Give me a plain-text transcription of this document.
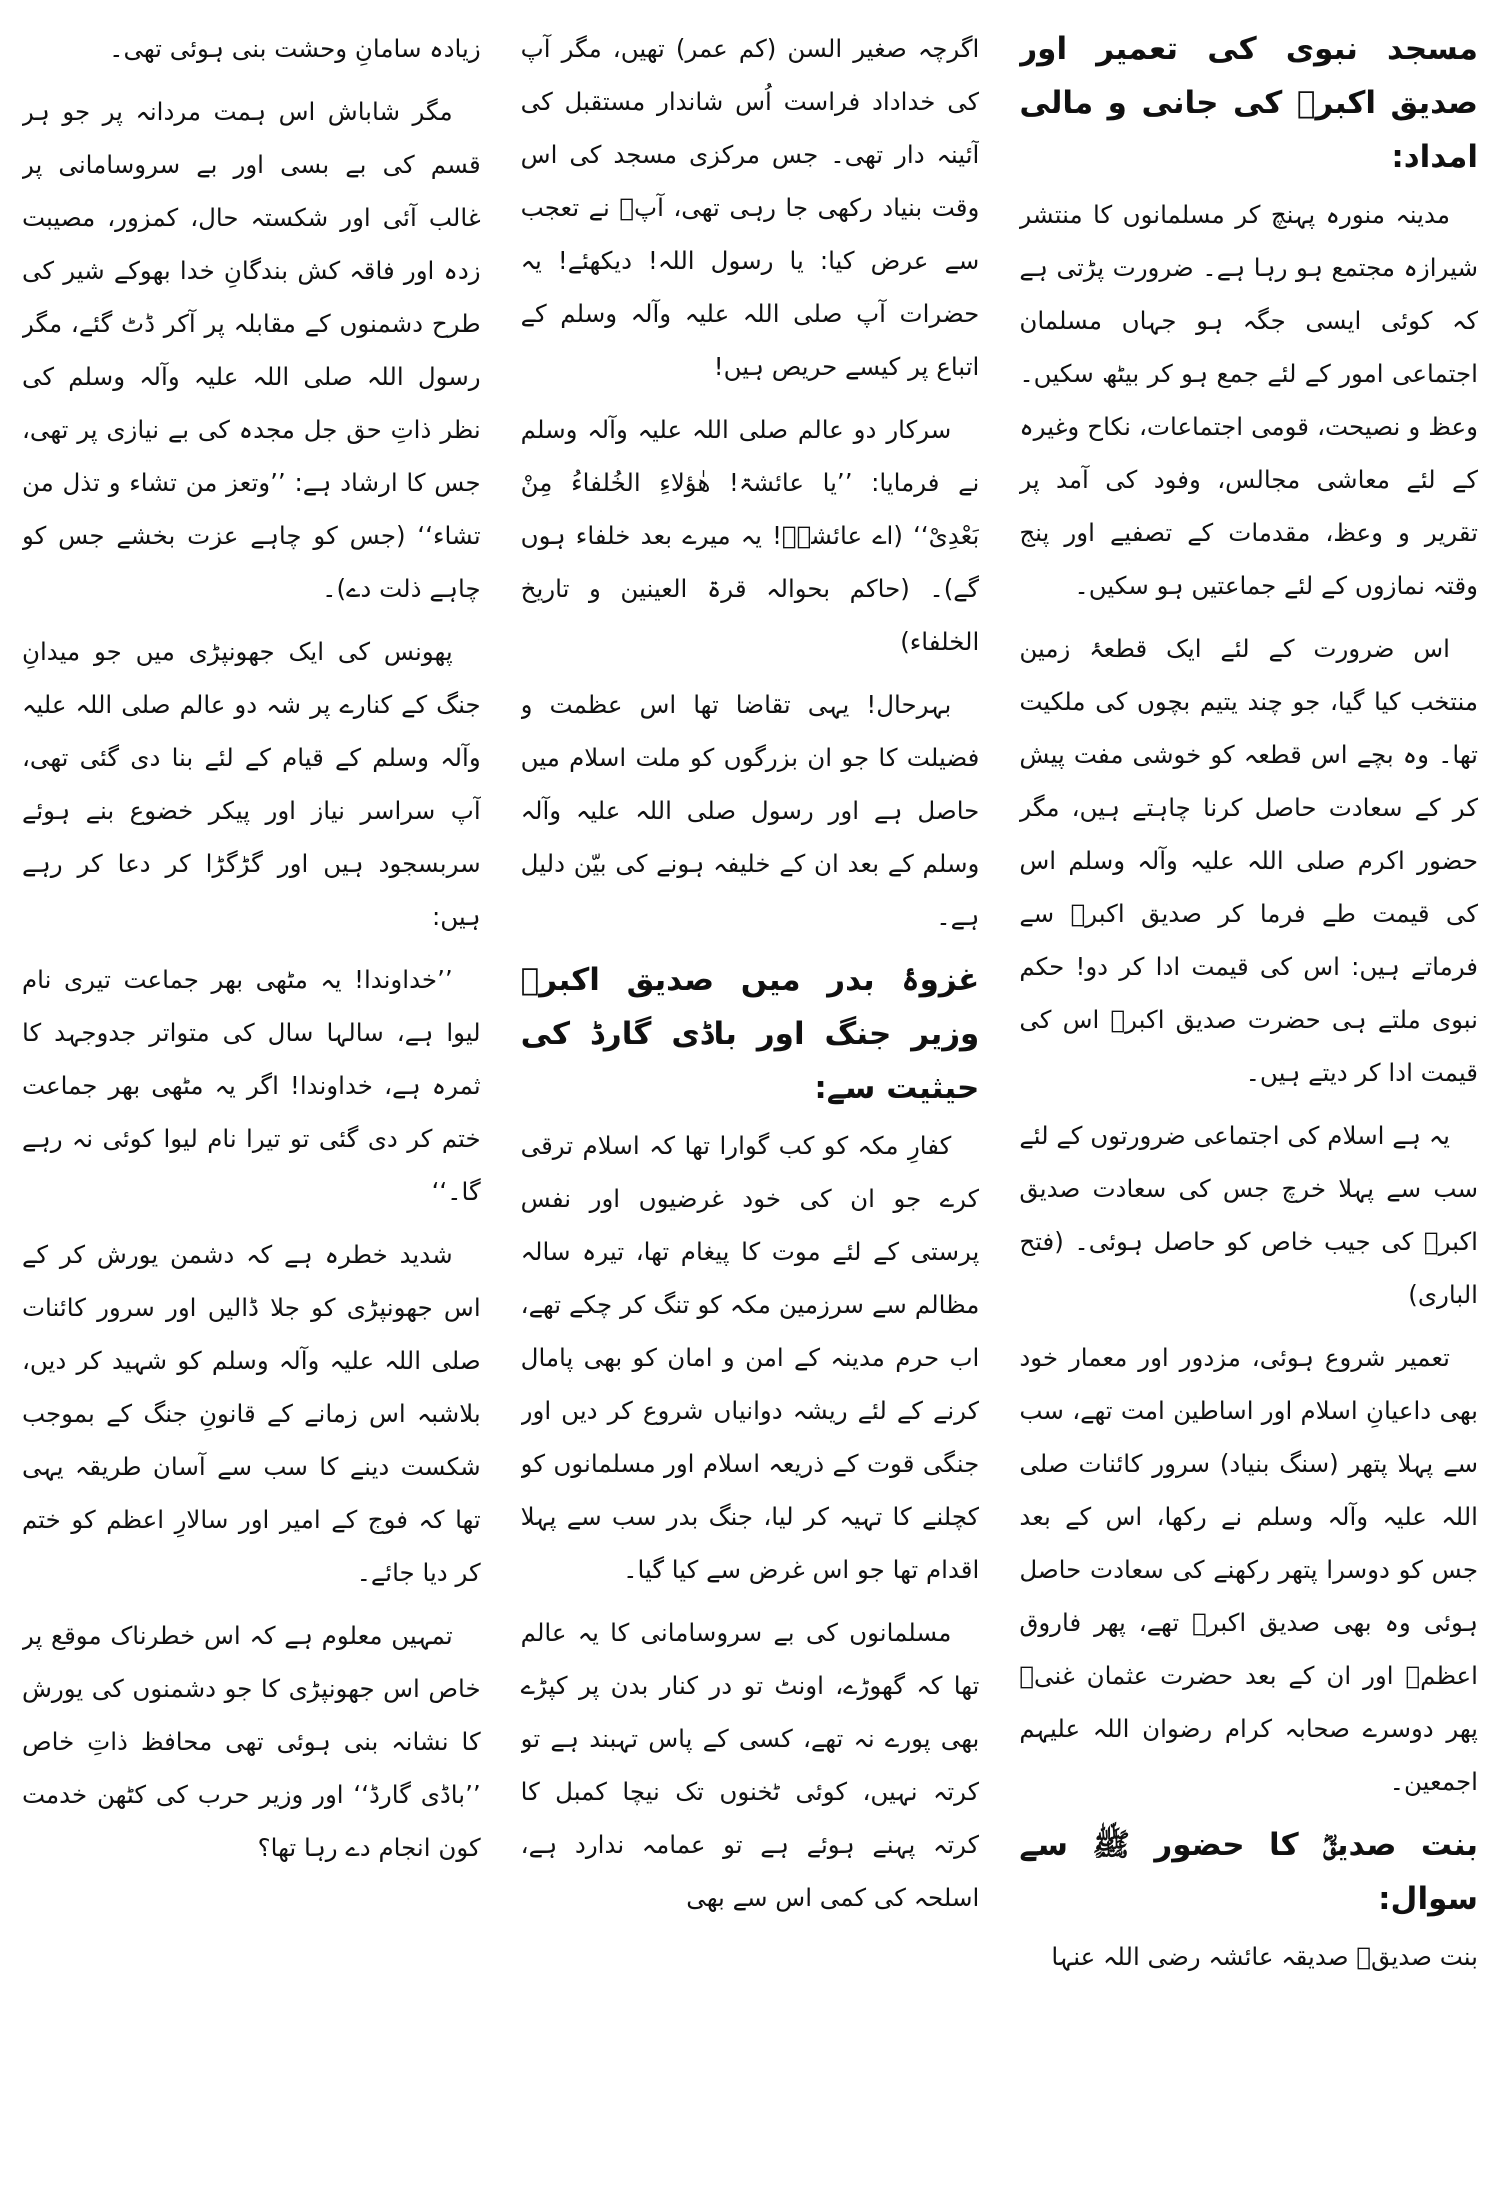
مسجد نبوی کی تعمیر اور صدیق اکبرؓ کی جانی و مالی امداد:

مدینہ منورہ پہنچ کر مسلمانوں کا منتشر شیرازہ مجتمع ہو رہا ہے۔ ضرورت پڑتی ہے کہ کوئی ایسی جگہ ہو جہاں مسلمان اجتماعی امور کے لئے جمع ہو کر بیٹھ سکیں۔ وعظ و نصیحت، قومی اجتماعات، نکاح وغیرہ کے لئے معاشی مجالس، وفود کی آمد پر تقریر و وعظ، مقدمات کے تصفیے اور پنج وقتہ نمازوں کے لئے جماعتیں ہو سکیں۔

اس ضرورت کے لئے ایک قطعۂ زمین منتخب کیا گیا، جو چند یتیم بچوں کی ملکیت تھا۔ وہ بچے اس قطعہ کو خوشی مفت پیش کر کے سعادت حاصل کرنا چاہتے ہیں، مگر حضور اکرم صلی اللہ علیہ وآلہ وسلم اس کی قیمت طے فرما کر صدیق اکبرؓ سے فرماتے ہیں: اس کی قیمت ادا کر دو! حکم نبوی ملتے ہی حضرت صدیق اکبرؓ اس کی قیمت ادا کر دیتے ہیں۔

یہ ہے اسلام کی اجتماعی ضرورتوں کے لئے سب سے پہلا خرچ جس کی سعادت صدیق اکبرؓ کی جیب خاص کو حاصل ہوئی۔ (فتح الباری)

تعمیر شروع ہوئی، مزدور اور معمار خود بھی داعیانِ اسلام اور اساطین امت تھے، سب سے پہلا پتھر (سنگ بنیاد) سرور کائنات صلی اللہ علیہ وآلہ وسلم نے رکھا، اس کے بعد جس کو دوسرا پتھر رکھنے کی سعادت حاصل ہوئی وہ بھی صدیق اکبرؓ تھے، پھر فاروق اعظمؓ اور ان کے بعد حضرت عثمان غنیؓ پھر دوسرے صحابہ کرام رضوان اللہ علیہم اجمعین۔

بنت صدیقؓ کا حضور ﷺ سے سوال:

بنت صدیقؓ صدیقہ عائشہ رضی اللہ عنہا

اگرچہ صغیر السن (کم عمر) تھیں، مگر آپ کی خداداد فراست اُس شاندار مستقبل کی آئینہ دار تھی۔ جس مرکزی مسجد کی اس وقت بنیاد رکھی جا رہی تھی، آپؓ نے تعجب سے عرض کیا: یا رسول اللہ! دیکھئے! یہ حضرات آپ صلی اللہ علیہ وآلہ وسلم کے اتباع پر کیسے حریص ہیں!

سرکار دو عالم صلی اللہ علیہ وآلہ وسلم نے فرمایا: ’’یا عائشۃ! ھٰؤلاءِ الخُلفاءُ مِنْ بَعْدِیْ‘‘ (اے عائشہؓ! یہ میرے بعد خلفاء ہوں گے)۔ (حاکم بحوالہ قرۃ العینین و تاریخ الخلفاء)

بہرحال! یہی تقاضا تھا اس عظمت و فضیلت کا جو ان بزرگوں کو ملت اسلام میں حاصل ہے اور رسول صلی اللہ علیہ وآلہ وسلم کے بعد ان کے خلیفہ ہونے کی بیّن دلیل ہے۔

غزوۂ بدر میں صدیق اکبرؓ وزیر جنگ اور باڈی گارڈ کی حیثیت سے:

کفارِ مکہ کو کب گوارا تھا کہ اسلام ترقی کرے جو ان کی خود غرضیوں اور نفس پرستی کے لئے موت کا پیغام تھا، تیرہ سالہ مظالم سے سرزمین مکہ کو تنگ کر چکے تھے، اب حرم مدینہ کے امن و امان کو بھی پامال کرنے کے لئے ریشہ دوانیاں شروع کر دیں اور جنگی قوت کے ذریعہ اسلام اور مسلمانوں کو کچلنے کا تہیہ کر لیا، جنگ بدر سب سے پہلا اقدام تھا جو اس غرض سے کیا گیا۔

مسلمانوں کی بے سروسامانی کا یہ عالم تھا کہ گھوڑے، اونٹ تو در کنار بدن پر کپڑے بھی پورے نہ تھے، کسی کے پاس تہبند ہے تو کرتہ نہیں، کوئی ٹخنوں تک نیچا کمبل کا کرتہ پہنے ہوئے ہے تو عمامہ ندارد ہے، اسلحہ کی کمی اس سے بھی

زیادہ سامانِ وحشت بنی ہوئی تھی۔

مگر شاباش اس ہمت مردانہ پر جو ہر قسم کی بے بسی اور بے سروسامانی پر غالب آئی اور شکستہ حال، کمزور، مصیبت زدہ اور فاقہ کش بندگانِ خدا بھوکے شیر کی طرح دشمنوں کے مقابلہ پر آکر ڈٹ گئے، مگر رسول اللہ صلی اللہ علیہ وآلہ وسلم کی نظر ذاتِ حق جل مجدہ کی بے نیازی پر تھی، جس کا ارشاد ہے: ’’وتعز من تشاء و تذل من تشاء‘‘ (جس کو چاہے عزت بخشے جس کو چاہے ذلت دے)۔

پھونس کی ایک جھونپڑی میں جو میدانِ جنگ کے کنارے پر شہ دو عالم صلی اللہ علیہ وآلہ وسلم کے قیام کے لئے بنا دی گئی تھی، آپ سراسر نیاز اور پیکر خضوع بنے ہوئے سربسجود ہیں اور گڑگڑا کر دعا کر رہے ہیں:

’’خداوندا! یہ مٹھی بھر جماعت تیری نام لیوا ہے، سالہا سال کی متواتر جدوجہد کا ثمرہ ہے، خداوندا! اگر یہ مٹھی بھر جماعت ختم کر دی گئی تو تیرا نام لیوا کوئی نہ رہے گا۔‘‘

شدید خطرہ ہے کہ دشمن یورش کر کے اس جھونپڑی کو جلا ڈالیں اور سرور کائنات صلی اللہ علیہ وآلہ وسلم کو شہید کر دیں، بلاشبہ اس زمانے کے قانونِ جنگ کے بموجب شکست دینے کا سب سے آسان طریقہ یہی تھا کہ فوج کے امیر اور سالارِ اعظم کو ختم کر دیا جائے۔

تمہیں معلوم ہے کہ اس خطرناک موقع پر خاص اس جھونپڑی کا جو دشمنوں کی یورش کا نشانہ بنی ہوئی تھی محافظ ذاتِ خاص ’’باڈی گارڈ‘‘ اور وزیر حرب کی کٹھن خدمت کون انجام دے رہا تھا؟
